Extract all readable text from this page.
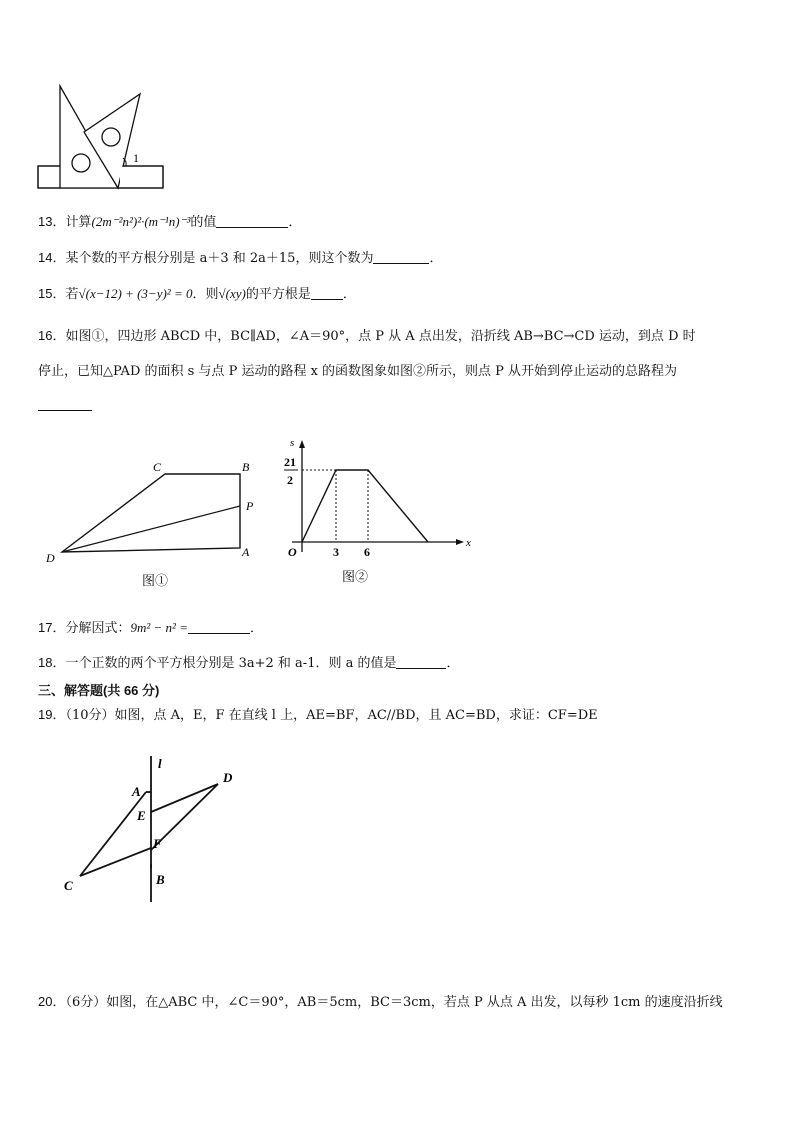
1
13．计算(2m⁻²n²)²·(m⁻¹n)⁻³的值	．
14．某个数的平方根分别是 a＋3 和 2a＋15，则这个数为	．
15．若√(x−12) + (3−y)² = 0．则√(xy)的平方根是 ．
16．如图①，四边形 ABCD 中，BC∥AD，∠A＝90°，点 P 从 A 点出发，沿折线 AB→BC→CD 运动，到点 D 时
停止，已知△PAD 的面积 s 与点 P 运动的路程 x 的函数图象如图②所示，则点 P 从开始到停止运动的总路程为
C	B
P
D	A
图①
s
21
2
O	3 6
x
图②
17．分解因式：9m² − n² =	．
18．一个正数的两个平方根分别是 3a+2 和 a-1．则 a 的值是	．
三、解答题(共 66 分)
19．（10分）如图，点 A，E，F 在直线 l 上，AE=BF，AC//BD，且 AC=BD，求证：CF=DE
l
A
D
E
F
C	B
20．（6分）如图，在△ABC 中，∠C＝90°，AB＝5cm，BC＝3cm，若点 P 从点 A 出发，以每秒 1cm 的速度沿折线
